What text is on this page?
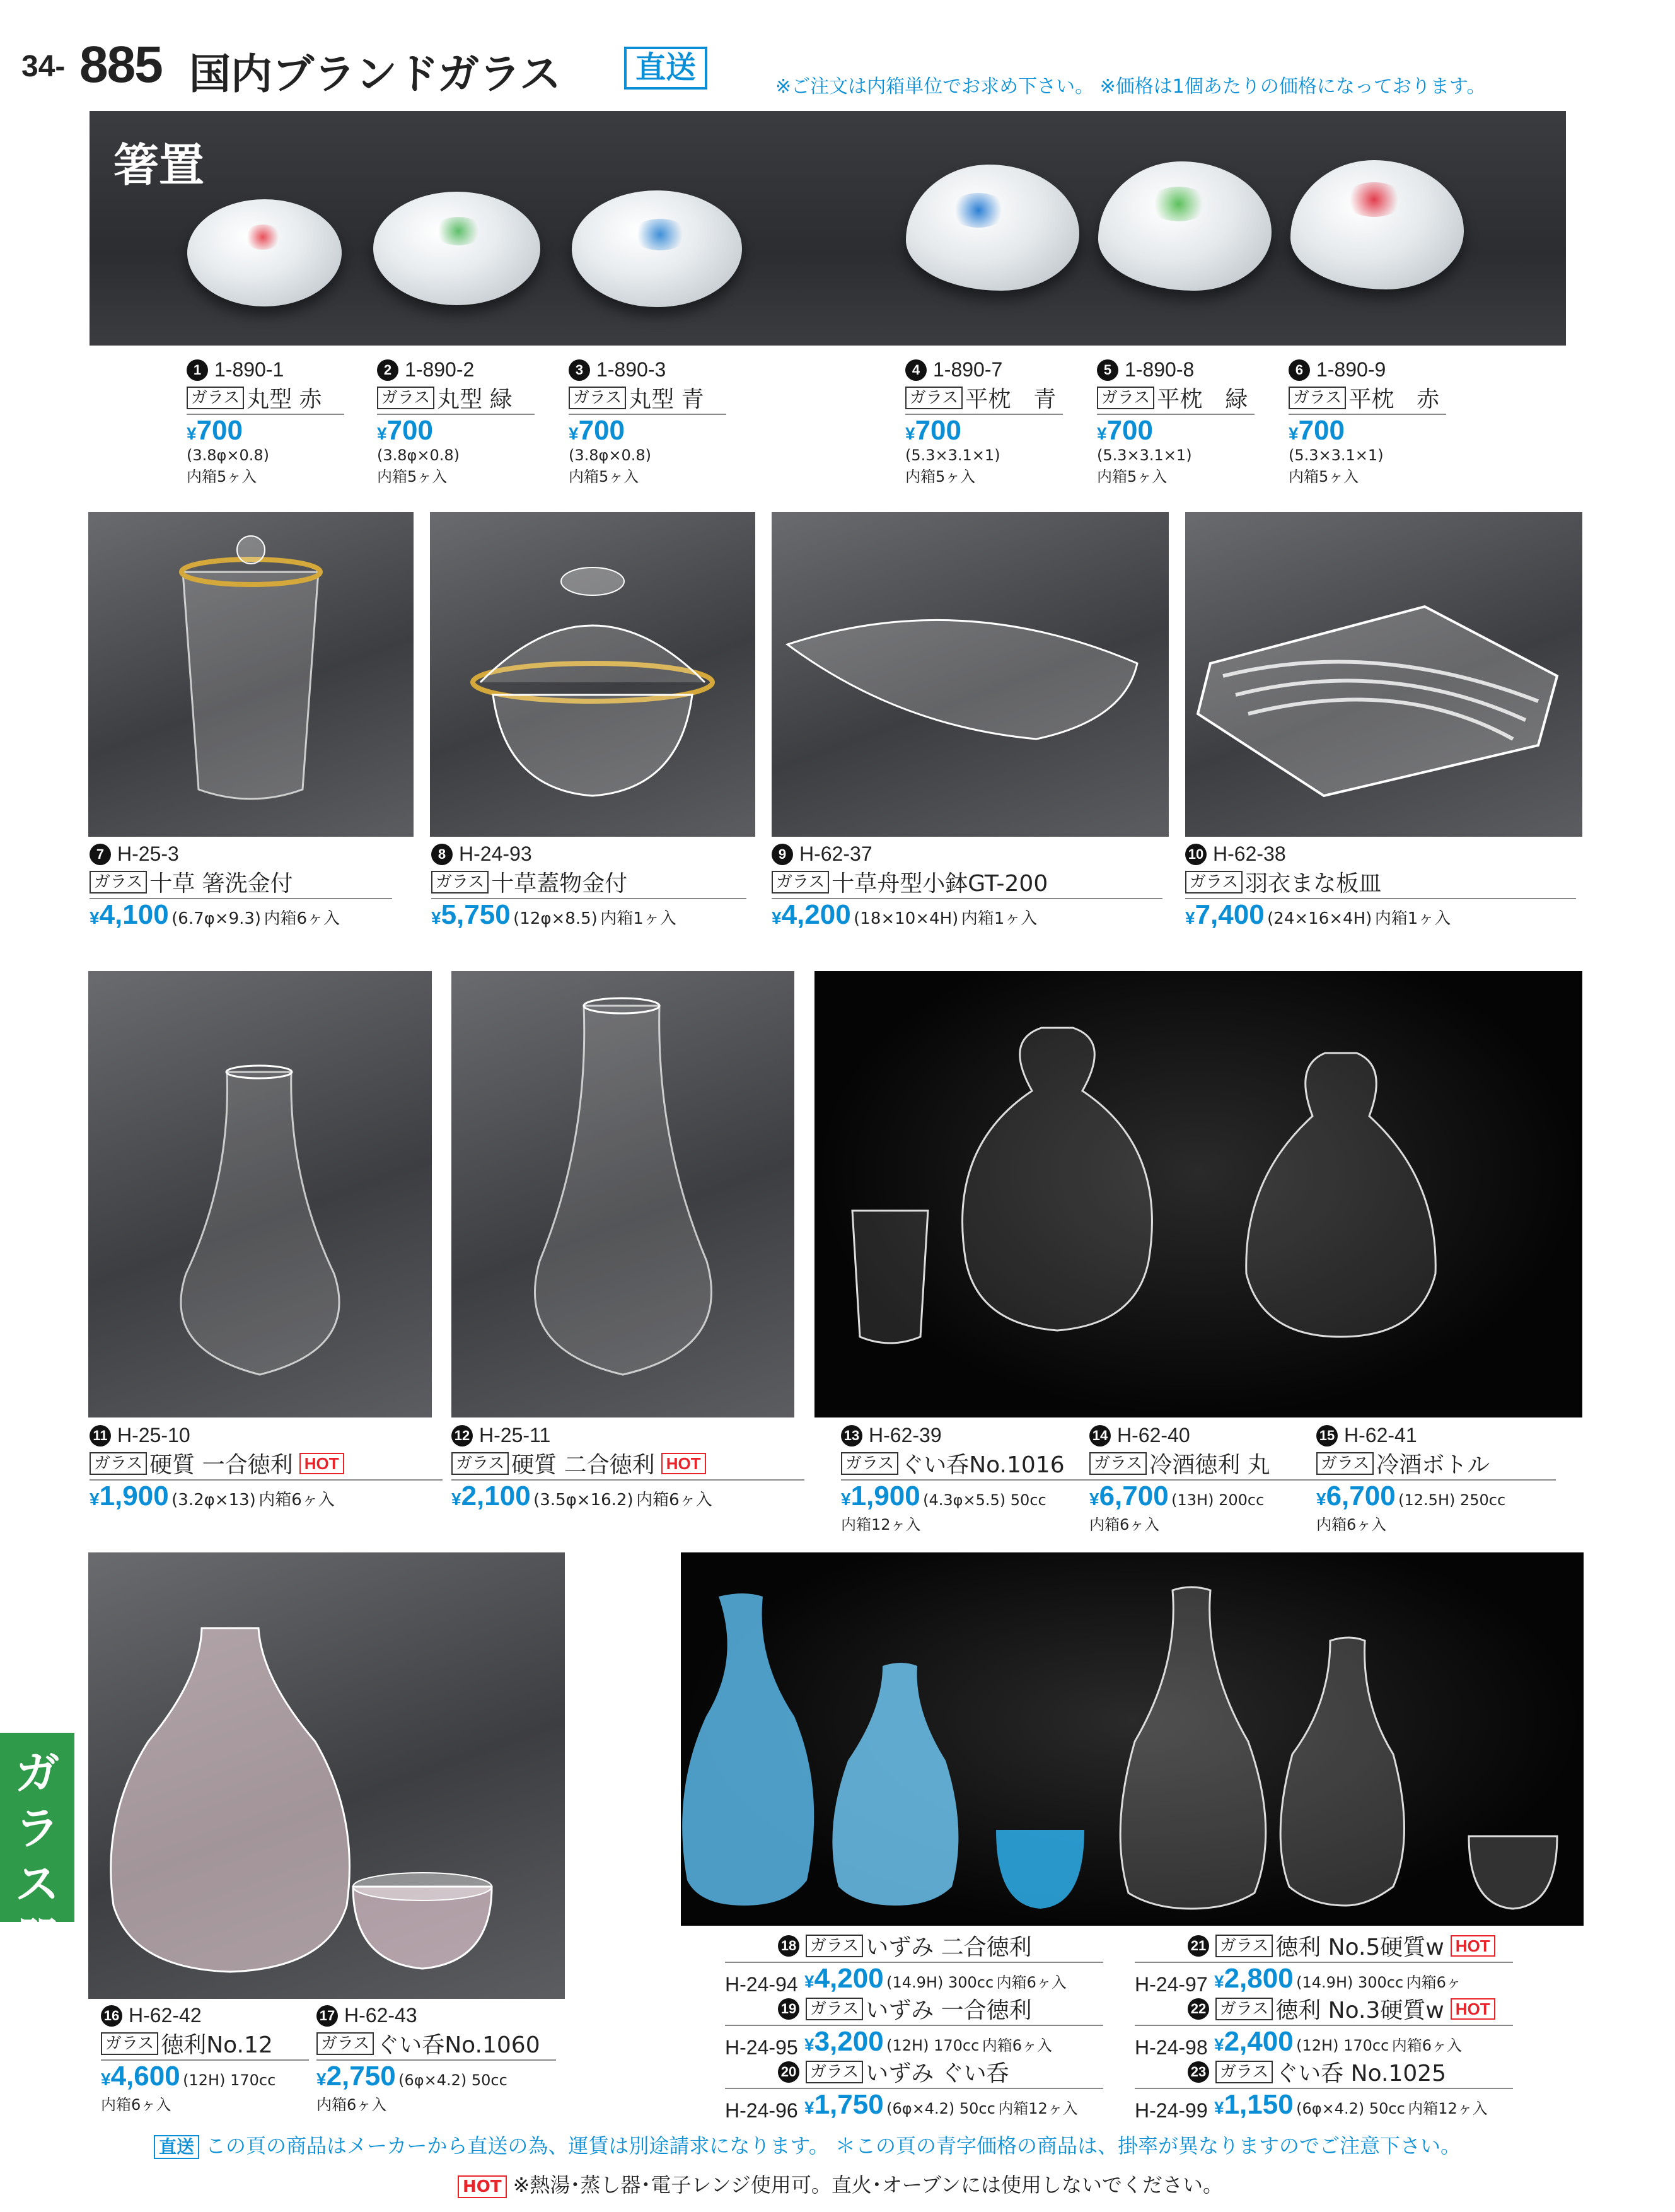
34- 885 国内ブランドガラス	直送
※ご注文は内箱単位でお求め下さい。 ※価格は1個あたりの価格になっております。
箸置
1 1-890-1
ガラス 丸型 赤
¥700
(3.8φ×0.8)
内箱5ヶ入
2 1-890-2
ガラス 丸型 緑
¥700
(3.8φ×0.8)
内箱5ヶ入
3 1-890-3
ガラス 丸型 青
¥700
(3.8φ×0.8)
内箱5ヶ入
4 1-890-7
ガラス 平枕　青
¥700
(5.3×3.1×1)
内箱5ヶ入
5 1-890-8
ガラス 平枕　緑
¥700
(5.3×3.1×1)
内箱5ヶ入
6 1-890-9
ガラス 平枕　赤
¥700
(5.3×3.1×1)
内箱5ヶ入
7 H-25-3
ガラス 十草 箸洗金付
¥4,100 (6.7φ×9.3) 内箱6ヶ入
8 H-24-93
ガラス 十草蓋物金付
¥5,750 (12φ×8.5) 内箱1ヶ入
9 H-62-37
ガラス 十草舟型小鉢GT-200
¥4,200 (18×10×4H) 内箱1ヶ入
10 H-62-38
ガラス 羽衣まな板皿
¥7,400 (24×16×4H) 内箱1ヶ入
11 H-25-10
ガラス 硬質 一合徳利 HOT
¥1,900 (3.2φ×13) 内箱6ヶ入
12 H-25-11
ガラス 硬質 二合徳利 HOT
¥2,100 (3.5φ×16.2) 内箱6ヶ入
13 H-62-39
ガラス ぐい呑No.1016
¥1,900 (4.3φ×5.5) 50cc
内箱12ヶ入
14 H-62-40
ガラス 冷酒徳利 丸
¥6,700 (13H) 200cc
内箱6ヶ入
15 H-62-41
ガラス 冷酒ボトル
¥6,700 (12.5H) 250cc
内箱6ヶ入
16 H-62-42
ガラス 徳利No.12
¥4,600 (12H) 170cc
内箱6ヶ入
17 H-62-43
ガラス ぐい呑No.1060
¥2,750 (6φ×4.2) 50cc
内箱6ヶ入
18 ガラス いずみ 二合徳利
H-24-94 ¥4,200 (14.9H) 300cc 内箱6ヶ入
19 ガラス いずみ 一合徳利
H-24-95 ¥3,200 (12H) 170cc 内箱6ヶ入
20 ガラス いずみ ぐい呑
H-24-96 ¥1,750 (6φ×4.2) 50cc 内箱12ヶ入
21 ガラス 徳利 No.5硬質w HOT
H-24-97 ¥2,800 (14.9H) 300cc 内箱6ヶ
22 ガラス 徳利 No.3硬質w HOT
H-24-98 ¥2,400 (12H) 170cc 内箱6ヶ入
23 ガラス ぐい呑 No.1025
H-24-99 ¥1,150 (6φ×4.2) 50cc 内箱12ヶ入
ガラス器
直送 この頁の商品はメーカーから直送の為、運賃は別途請求になります。 ＊この頁の青字価格の商品は、掛率が異なりますのでご注意下さい。
HOT ※熱湯･蒸し器･電子レンジ使用可。直火･オーブンには使用しないでください。
